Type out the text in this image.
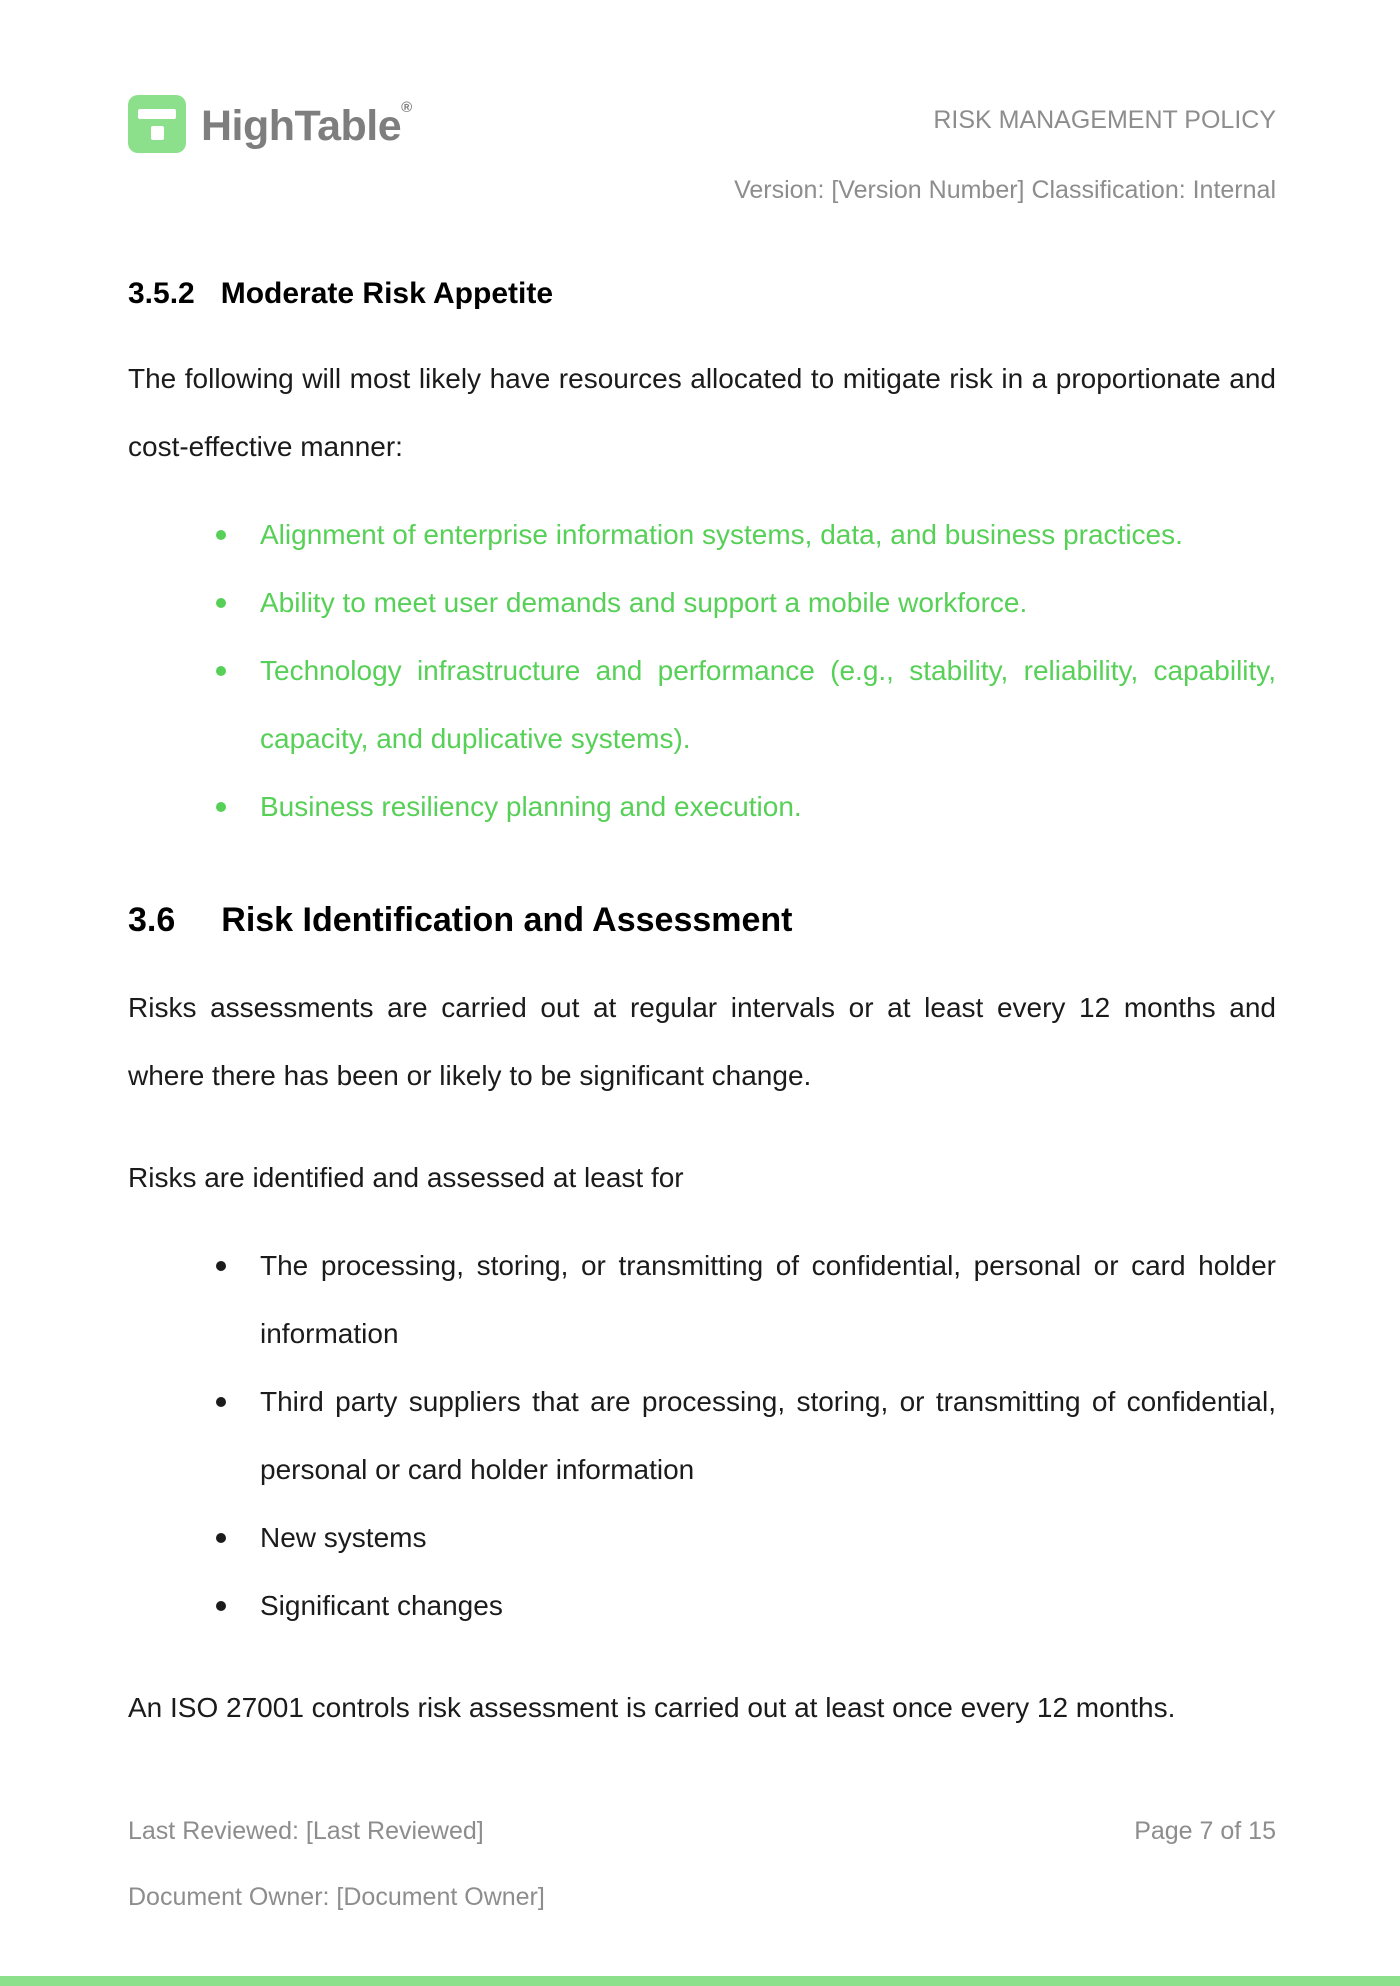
HighTable®	RISK MANAGEMENT POLICY
Version: [Version Number] Classification: Internal
3.5.2 Moderate Risk Appetite

The following will most likely have resources allocated to mitigate risk in a proportionate and cost-effective manner:

Alignment of enterprise information systems, data, and business practices.
Ability to meet user demands and support a mobile workforce.
Technology infrastructure and performance (e.g., stability, reliability, capability, capacity, and duplicative systems).
Business resiliency planning and execution.
3.6 Risk Identification and Assessment

Risks assessments are carried out at regular intervals or at least every 12 months and where there has been or likely to be significant change.

Risks are identified and assessed at least for

The processing, storing, or transmitting of confidential, personal or card holder information
Third party suppliers that are processing, storing, or transmitting of confidential, personal or card holder information
New systems
Significant changes

An ISO 27001 controls risk assessment is carried out at least once every 12 months.

Last Reviewed: [Last Reviewed]	Page 7 of 15
Document Owner: [Document Owner]
